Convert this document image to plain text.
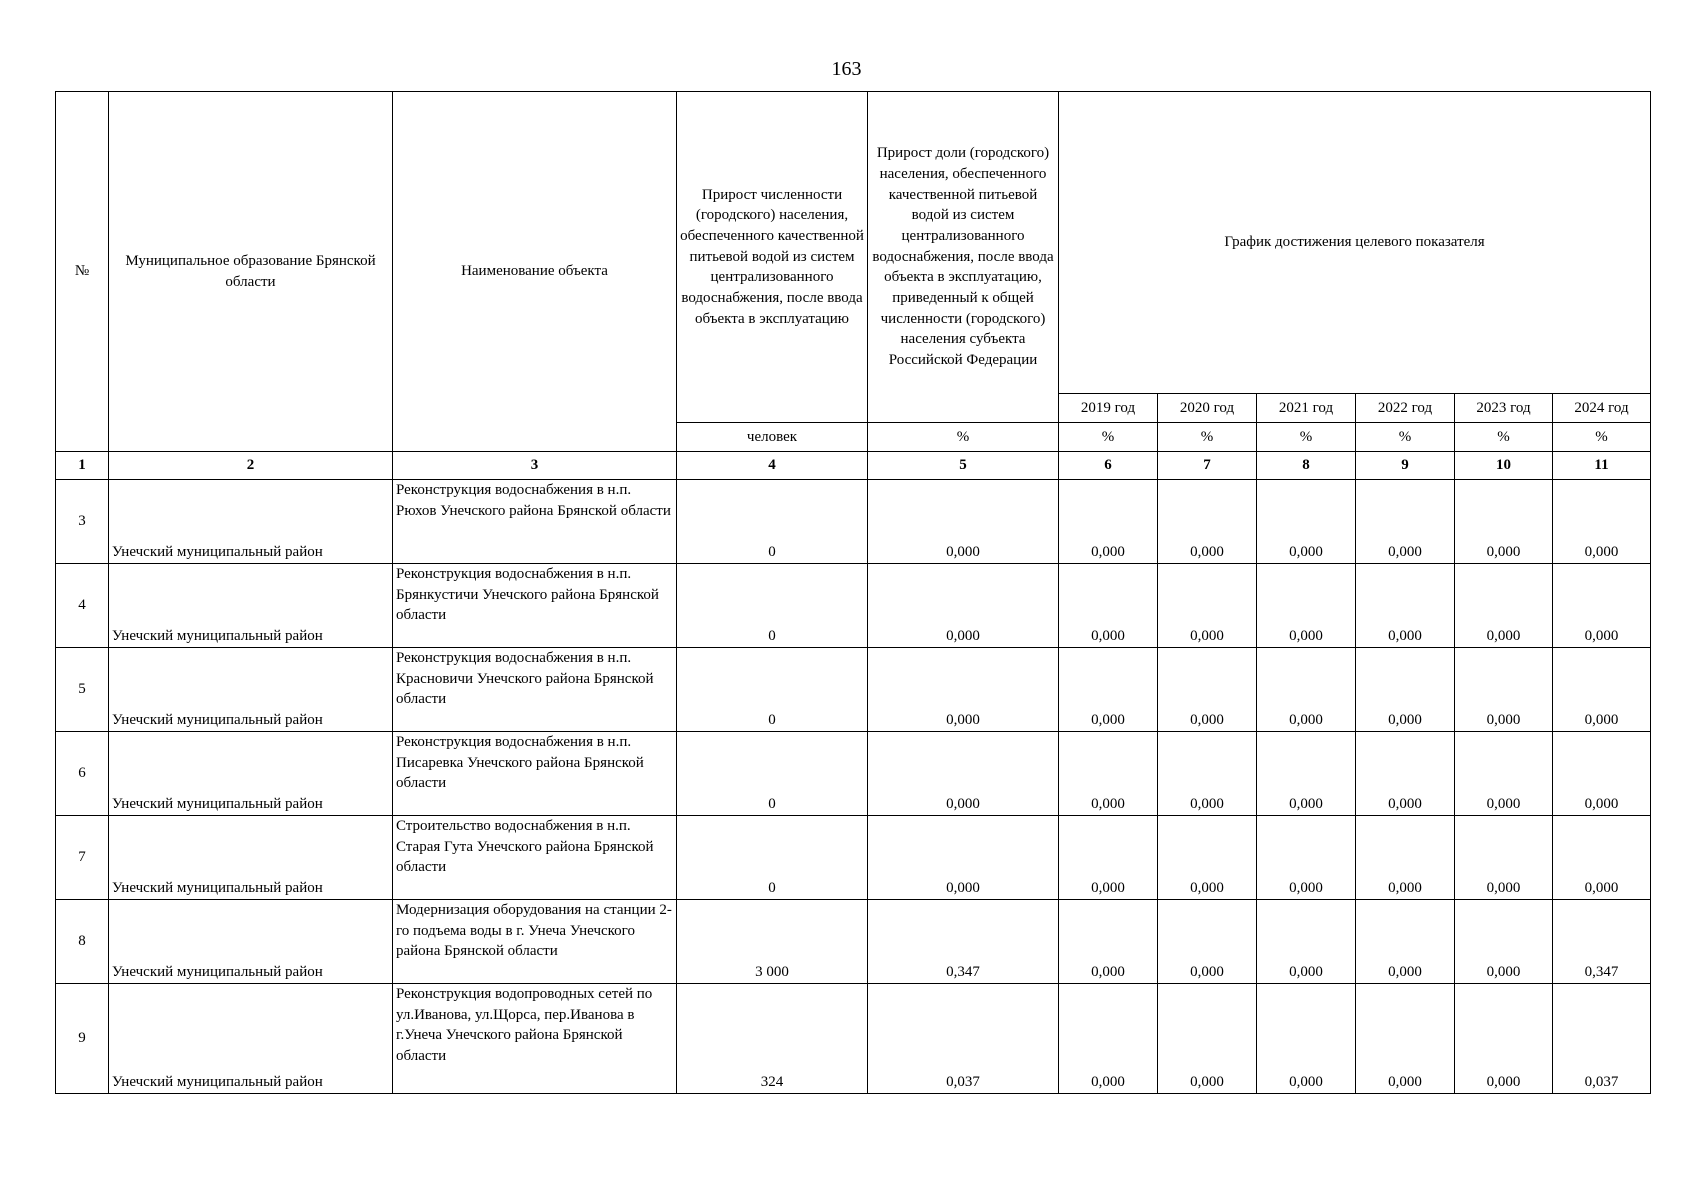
163
№	Муниципальное образование Брянской области	Наименование объекта	Прирост численности (городского) населения, обеспеченного качественной питьевой водой из систем централизованного водоснабжения, после ввода объекта в эксплуатацию	Прирост доли (городского) населения, обеспеченного качественной питьевой водой из систем централизованного водоснабжения, после ввода объекта в эксплуатацию, приведенный к общей численности (городского) населения субъекта Российской Федерации	График достижения целевого показателя					
					2019 год	2020 год	2021 год	2022 год	2023 год	2024 год
			человек	%	%	%	%	%	%	%
1	2	3	4	5	6	7	8	9	10	11
3	Унечский муниципальный район	Реконструкция водоснабжения в н.п. Рюхов Унечского района Брянской области	0	0,000	0,000	0,000	0,000	0,000	0,000	0,000
4	Унечский муниципальный район	Реконструкция водоснабжения в н.п. Брянкустичи Унечского района Брянской области	0	0,000	0,000	0,000	0,000	0,000	0,000	0,000
5	Унечский муниципальный район	Реконструкция водоснабжения в н.п. Красновичи Унечского района Брянской области	0	0,000	0,000	0,000	0,000	0,000	0,000	0,000
6	Унечский муниципальный район	Реконструкция водоснабжения в н.п. Писаревка Унечского района Брянской области	0	0,000	0,000	0,000	0,000	0,000	0,000	0,000
7	Унечский муниципальный район	Строительство водоснабжения в н.п. Старая Гута Унечского района Брянской области	0	0,000	0,000	0,000	0,000	0,000	0,000	0,000
8	Унечский муниципальный район	Модернизация оборудования на станции 2-го подъема воды в г. Унеча Унечского района Брянской области	3 000	0,347	0,000	0,000	0,000	0,000	0,000	0,347
9	Унечский муниципальный район	Реконструкция водопроводных сетей по ул.Иванова, ул.Щорса, пер.Иванова в г.Унеча Унечского района Брянской области	324	0,037	0,000	0,000	0,000	0,000	0,000	0,037
